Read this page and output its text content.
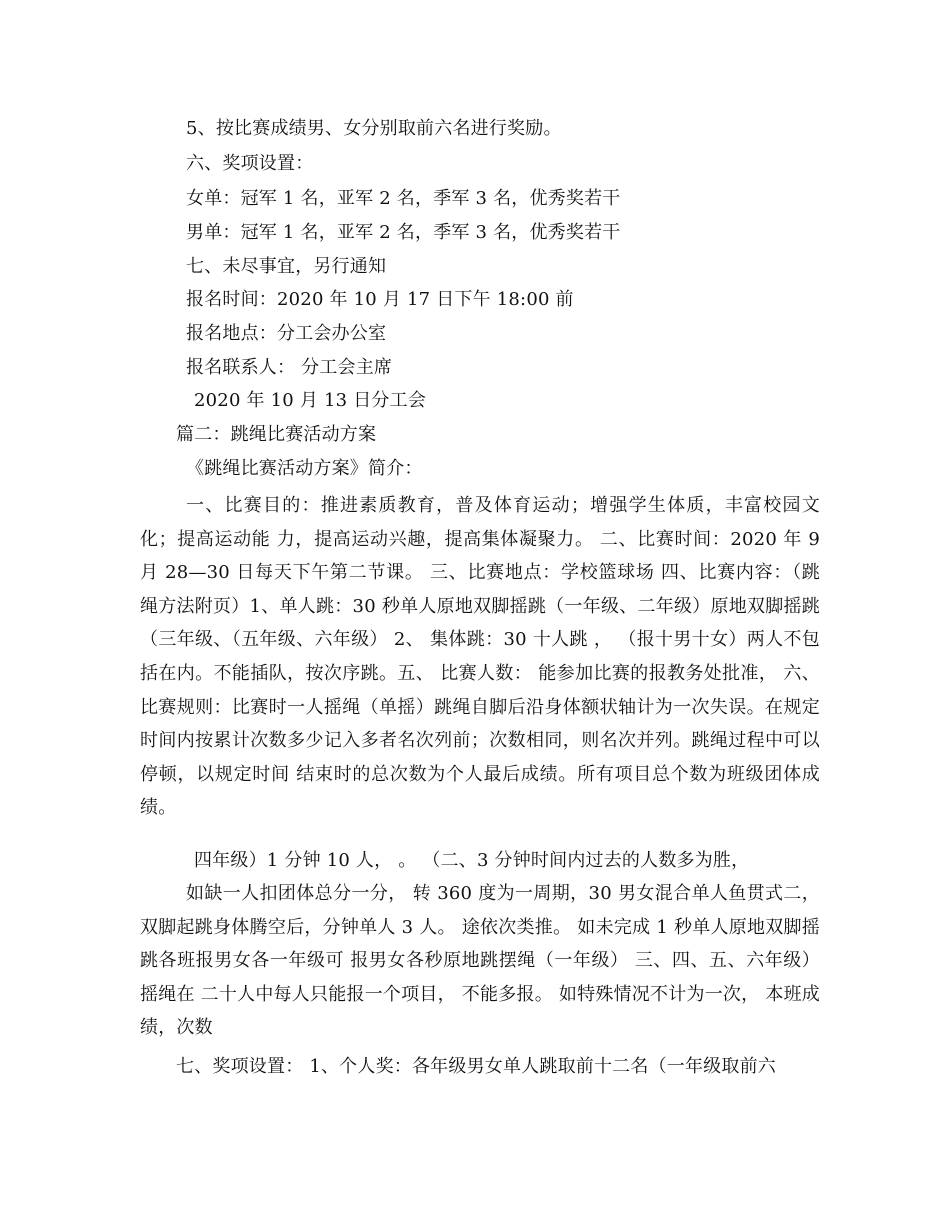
5、按比赛成绩男、女分别取前六名进行奖励。
六、奖项设置：
女单：冠军 1 名，亚军 2 名，季军 3 名，优秀奖若干
男单：冠军 1 名，亚军 2 名，季军 3 名，优秀奖若干
七、未尽事宜，另行通知
报名时间：2020 年 10 月 17 日下午 18:00 前
报名地点：分工会办公室
报名联系人： 分工会主席
2020 年 10 月 13 日分工会
篇二：跳绳比赛活动方案
《跳绳比赛活动方案》简介：
一、比赛目的：推进素质教育，普及体育运动；增强学生体质，丰富校园文化；提高运动能 力，提高运动兴趣，提高集体凝聚力。 二、比赛时间：2020 年 9 月 28—30 日每天下午第二节课。 三、比赛地点：学校篮球场 四、比赛内容：（跳绳方法附页）1、单人跳：30 秒单人原地双脚摇跳（一年级、二年级）原地双脚摇跳（三年级、（五年级、六年级） 2、 集体跳：30 十人跳 ， （报十男十女）两人不包括在内。不能插队，按次序跳。五、 比赛人数： 能参加比赛的报教务处批准， 六、比赛规则：比赛时一人摇绳（单摇）跳绳自脚后沿身体额状轴计为一次失误。在规定时间内按累计次数多少记入多者名次列前；次数相同，则名次并列。跳绳过程中可以停顿，以规定时间 结束时的总次数为个人最后成绩。所有项目总个数为班级团体成绩。
四年级）1 分钟 10 人， 。 （二、3 分钟时间内过去的人数多为胜，
如缺一人扣团体总分一分， 转 360 度为一周期，30 男女混合单人鱼贯式二，双脚起跳身体腾空后，分钟单人 3 人。 途依次类推。 如未完成 1 秒单人原地双脚摇跳各班报男女各一年级可 报男女各秒原地跳摆绳（一年级） 三、四、五、六年级）摇绳在 二十人中每人只能报一个项目， 不能多报。 如特殊情况不计为一次， 本班成绩，次数
七、奖项设置： 1、个人奖：各年级男女单人跳取前十二名（一年级取前六
